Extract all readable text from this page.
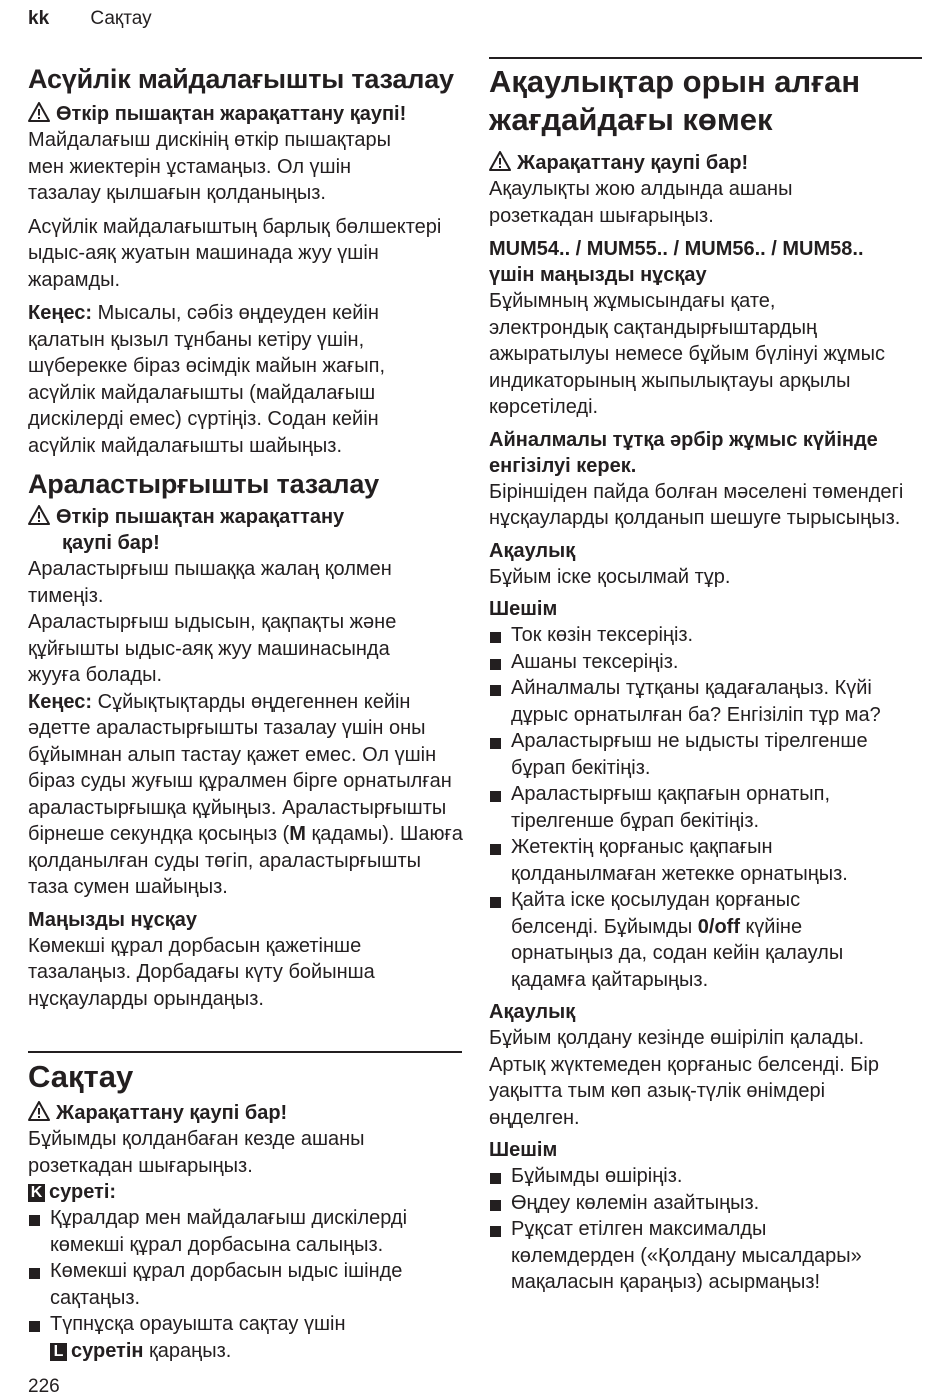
kk Сақтау
Асүйлік майдалағышты тазалау
Өткір пышақтан жарақаттану қаупі!
Майдалағыш дискінің өткір пышақтары мен жиектерін ұстамаңыз. Ол үшін тазалау қылшағын қолданыңыз.
Асүйлік майдалағыштың барлық бөлшектері ыдыс-аяқ жуатын машинада жуу үшін жарамды.
Кеңес: Мысалы, сәбіз өңдеуден кейін қалатын қызыл тұнбаны кетіру үшін, шүберекке біраз өсімдік майын жағып, асүйлік майдалағышты (майдалағыш дискілерді емес) сүртіңіз. Содан кейін асүйлік майдалағышты шайыңыз.
Араластырғышты тазалау
Өткір пышақтан жарақаттану
қаупі бар!
Араластырғыш пышаққа жалаң қолмен тимеңіз.
Араластырғыш ыдысын, қақпақты және құйғышты ыдыс-аяқ жуу машинасында жууға болады.
Кеңес: Сұйықтықтарды өңдегеннен кейін әдетте араластырғышты тазалау үшін оны бұйымнан алып тастау қажет емес. Ол үшін біраз суды жуғыш құралмен бірге орнатылған араластырғышқа құйыңыз. Араластырғышты бірнеше секундқа қосыңыз (M қадамы). Шаюға қолданылған суды төгіп, араластырғышты таза сумен шайыңыз.
Маңызды нұсқау
Көмекші құрал дорбасын қажетінше тазалаңыз. Дорбадағы күту бойынша нұсқауларды орындаңыз.
Сақтау
Жарақаттану қаупі бар!
Бұйымды қолданбаған кезде ашаны розеткадан шығарыңыз.
K суреті:
Құралдар мен майдалағыш дискілерді көмекші құрал дорбасына салыңыз.
Көмекші құрал дорбасын ыдыс ішінде сақтаңыз.
Түпнұсқа орауышта сақтау үшін
L суретін қараңыз.
Ақаулықтар орын алған
жағдайдағы көмек
Жарақаттану қаупі бар!
Ақаулықты жою алдында ашаны розеткадан шығарыңыз.
MUM54.. / MUM55.. / MUM56.. / MUM58..
үшін маңызды нұсқау
Бұйымның жұмысындағы қате, электрондық сақтандырғыштардың ажыратылуы немесе бұйым бүлінуі жұмыс индикаторының жыпылықтауы арқылы көрсетіледі.
Айналмалы тұтқа әрбір жұмыс күйінде енгізілуі керек.
Біріншіден пайда болған мәселені төмендегі нұсқауларды қолданып шешуге тырысыңыз.
Ақаулық
Бұйым іске қосылмай тұр.
Шешім
Ток көзін тексеріңіз.
Ашаны тексеріңіз.
Айналмалы тұтқаны қадағалаңыз. Күйі дұрыс орнатылған ба? Енгізіліп тұр ма?
Араластырғыш не ыдысты тірелгенше бұрап бекітіңіз.
Араластырғыш қақпағын орнатып, тірелгенше бұрап бекітіңіз.
Жетектің қорғаныс қақпағын қолданылмаған жетекке орнатыңыз.
Қайта іске қосылудан қорғаныс белсенді. Бұйымды 0/off күйіне орнатыңыз да, содан кейін қалаулы қадамға қайтарыңыз.
Ақаулық
Бұйым қолдану кезінде өшіріліп қалады. Артық жүктемеден қорғаныс белсенді. Бір уақытта тым көп азық-түлік өнімдері өңделген.
Шешім
Бұйымды өшіріңіз.
Өңдеу көлемін азайтыңыз.
Рұқсат етілген максималды көлемдерден («Қолдану мысалдары» мақаласын қараңыз) асырмаңыз!
226
